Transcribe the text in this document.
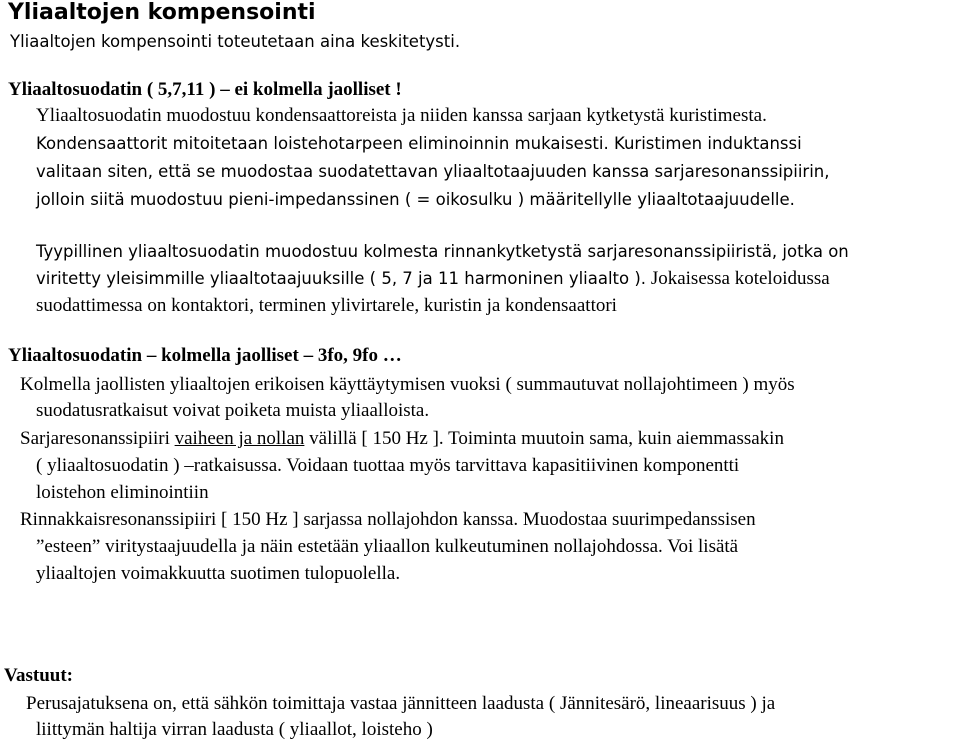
Yliaaltojen kompensointi
Yliaaltojen kompensointi toteutetaan aina keskitetysti.
Yliaaltosuodatin ( 5,7,11 ) – ei kolmella jaolliset !
Yliaaltosuodatin muodostuu kondensaattoreista ja niiden kanssa sarjaan kytketystä kuristimesta.
Kondensaattorit mitoitetaan loistehotarpeen eliminoinnin mukaisesti. Kuristimen induktanssi
valitaan siten, että se muodostaa suodatettavan yliaaltotaajuuden kanssa sarjaresonanssipiirin,
jolloin siitä muodostuu pieni-impedanssinen ( = oikosulku ) määritellylle yliaaltotaajuudelle.
Tyypillinen yliaaltosuodatin muodostuu kolmesta rinnankytketystä sarjaresonanssipiiristä, jotka on
viritetty yleisimmille yliaaltotaajuuksille ( 5, 7 ja 11 harmoninen yliaalto ). Jokaisessa koteloidussa
suodattimessa on kontaktori, terminen ylivirtarele, kuristin ja kondensaattori
Yliaaltosuodatin – kolmella jaolliset – 3fo, 9fo …
Kolmella jaollisten yliaaltojen erikoisen käyttäytymisen vuoksi ( summautuvat nollajohtimeen ) myös
suodatusratkaisut voivat poiketa muista yliaalloista.
Sarjaresonanssipiiri vaiheen ja nollan välillä [ 150 Hz ]. Toiminta muutoin sama, kuin aiemmassakin
( yliaaltosuodatin ) –ratkaisussa. Voidaan tuottaa myös tarvittava kapasitiivinen komponentti
loistehon eliminointiin
Rinnakkaisresonanssipiiri [ 150 Hz ] sarjassa nollajohdon kanssa. Muodostaa suurimpedanssisen
”esteen” viritystaajuudella ja näin estetään yliaallon kulkeutuminen nollajohdossa. Voi lisätä
yliaaltojen voimakkuutta suotimen tulopuolella.
Vastuut:
Perusajatuksena on, että sähkön toimittaja vastaa jännitteen laadusta ( Jännitesärö, lineaarisuus ) ja
liittymän haltija virran laadusta ( yliaallot, loisteho )
